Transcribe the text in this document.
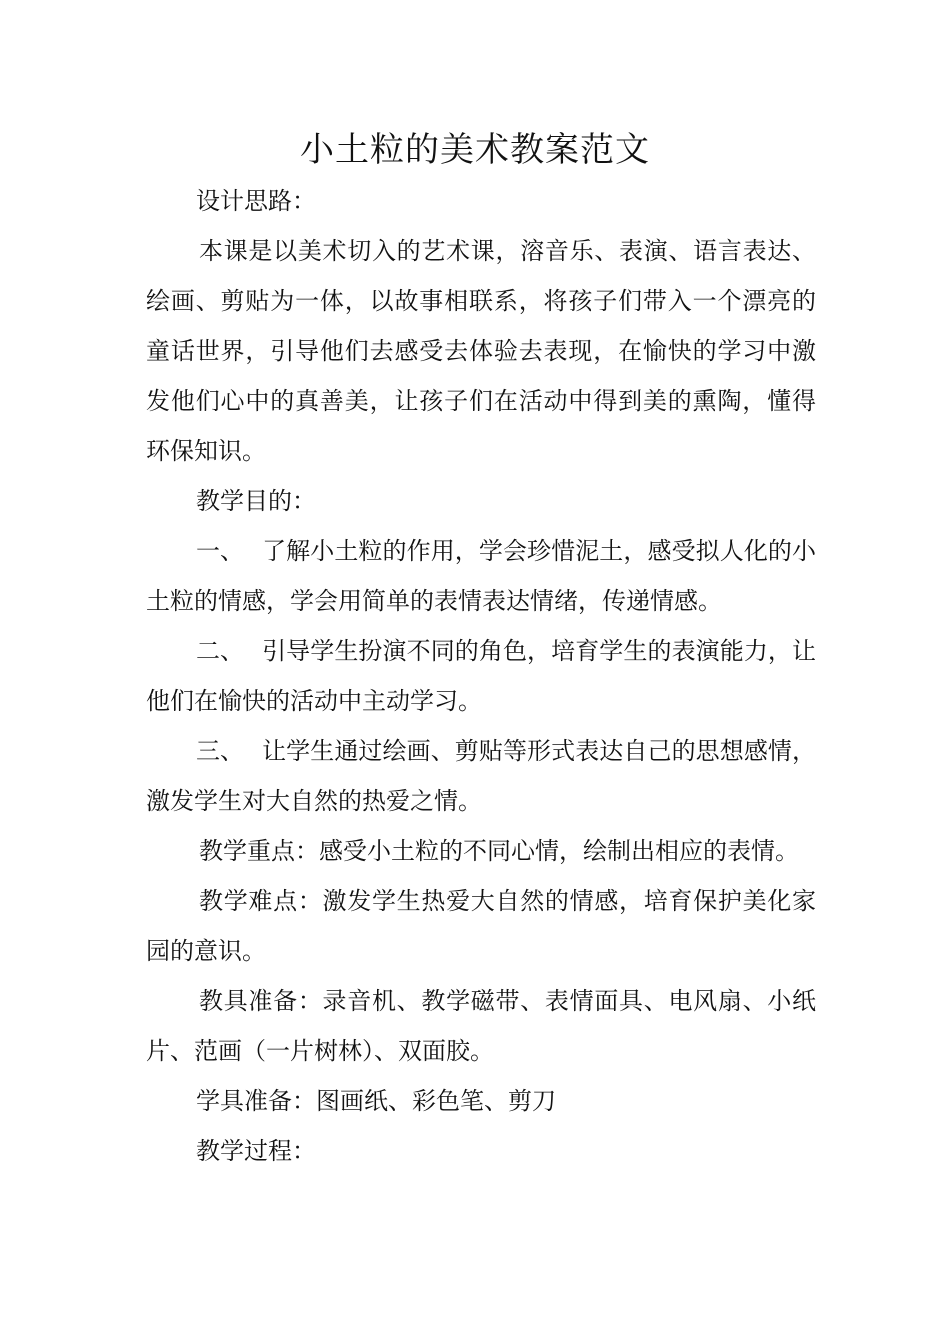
小土粒的美术教案范文

设计思路：

本课是以美术切入的艺术课，溶音乐、表演、语言表达、绘画、剪贴为一体，以故事相联系，将孩子们带入一个漂亮的童话世界，引导他们去感受去体验去表现，在愉快的学习中激发他们心中的真善美，让孩子们在活动中得到美的熏陶，懂得环保知识。

教学目的：

一、 了解小土粒的作用，学会珍惜泥土，感受拟人化的小土粒的情感，学会用简单的表情表达情绪，传递情感。

二、 引导学生扮演不同的角色，培育学生的表演能力，让他们在愉快的活动中主动学习。

三、 让学生通过绘画、剪贴等形式表达自己的思想感情，激发学生对大自然的热爱之情。

教学重点：感受小土粒的不同心情，绘制出相应的表情。

教学难点：激发学生热爱大自然的情感，培育保护美化家园的意识。

教具准备：录音机、教学磁带、表情面具、电风扇、小纸片、范画（一片树林）、双面胶。

学具准备：图画纸、彩色笔、剪刀

教学过程：
